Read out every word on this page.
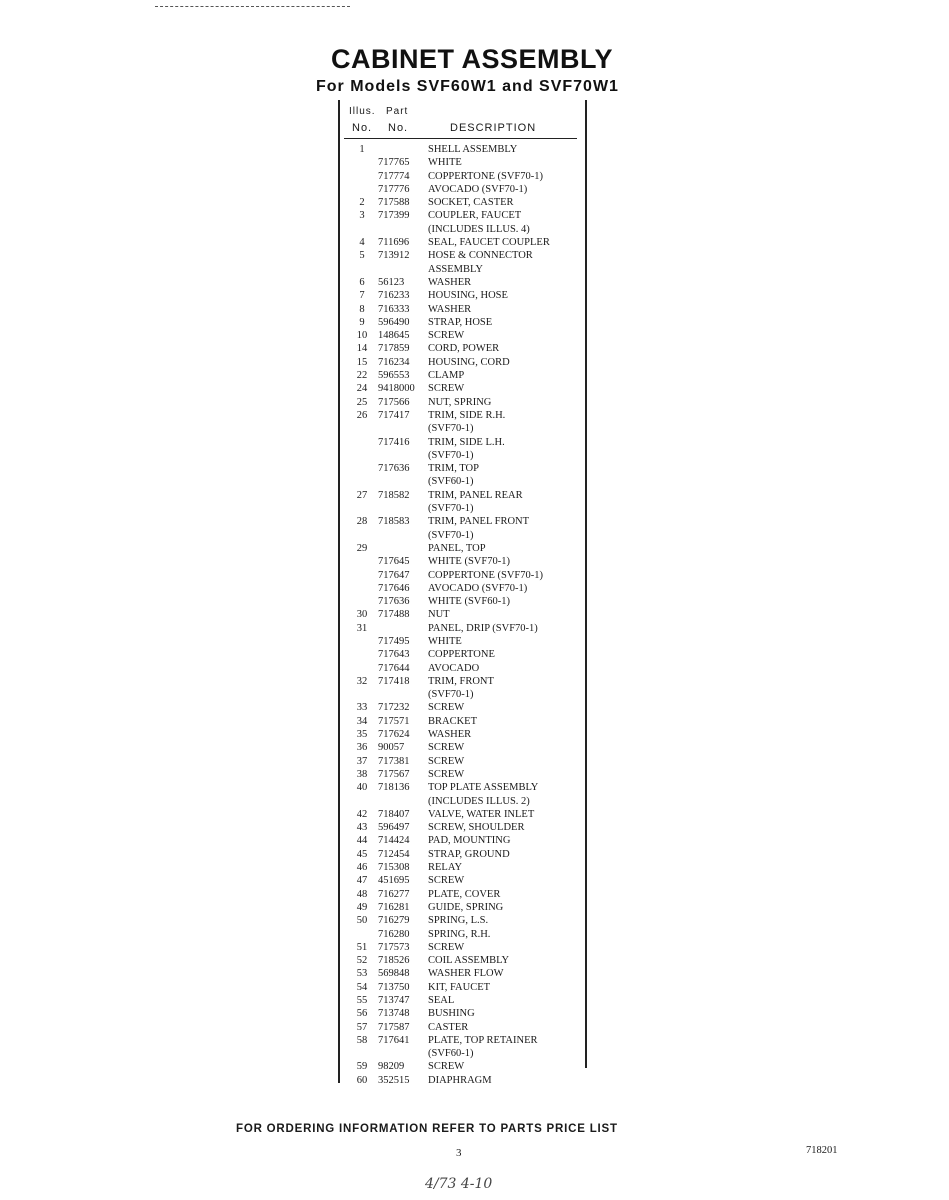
CABINET ASSEMBLY
For Models SVF60W1 and SVF70W1
Illus. Part
No. No.	DESCRIPTION
1	SHELL ASSEMBLY
717765	WHITE
717774	COPPERTONE (SVF70-1)
717776	AVOCADO (SVF70-1)
2	717588	SOCKET, CASTER
3	717399	COUPLER, FAUCET
(INCLUDES ILLUS. 4)
4	711696	SEAL, FAUCET COUPLER
5	713912	HOSE & CONNECTOR
ASSEMBLY
6	56123	WASHER
7	716233	HOUSING, HOSE
8	716333	WASHER
9	596490	STRAP, HOSE
10	148645	SCREW
14	717859	CORD, POWER
15	716234	HOUSING, CORD
22	596553	CLAMP
24	9418000	SCREW
25	717566	NUT, SPRING
26	717417	TRIM, SIDE R.H.
(SVF70-1)
717416	TRIM, SIDE L.H.
(SVF70-1)
717636	TRIM, TOP
(SVF60-1)
27	718582	TRIM, PANEL REAR
(SVF70-1)
28	718583	TRIM, PANEL FRONT
(SVF70-1)
29	PANEL, TOP
717645	WHITE (SVF70-1)
717647	COPPERTONE (SVF70-1)
717646	AVOCADO (SVF70-1)
717636	WHITE (SVF60-1)
30	717488	NUT
31	PANEL, DRIP (SVF70-1)
717495	WHITE
717643	COPPERTONE
717644	AVOCADO
32	717418	TRIM, FRONT
(SVF70-1)
33	717232	SCREW
34	717571	BRACKET
35	717624	WASHER
36	90057	SCREW
37	717381	SCREW
38	717567	SCREW
40	718136	TOP PLATE ASSEMBLY
(INCLUDES ILLUS. 2)
42	718407	VALVE, WATER INLET
43	596497	SCREW, SHOULDER
44	714424	PAD, MOUNTING
45	712454	STRAP, GROUND
46	715308	RELAY
47	451695	SCREW
48	716277	PLATE, COVER
49	716281	GUIDE, SPRING
50	716279	SPRING, L.S.
716280	SPRING, R.H.
51	717573	SCREW
52	718526	COIL ASSEMBLY
53	569848	WASHER FLOW
54	713750	KIT, FAUCET
55	713747	SEAL
56	713748	BUSHING
57	717587	CASTER
58	717641	PLATE, TOP RETAINER
(SVF60-1)
59	98209	SCREW
60	352515	DIAPHRAGM
FOR ORDERING INFORMATION REFER TO PARTS PRICE LIST
3	718201
4/73 4-10
